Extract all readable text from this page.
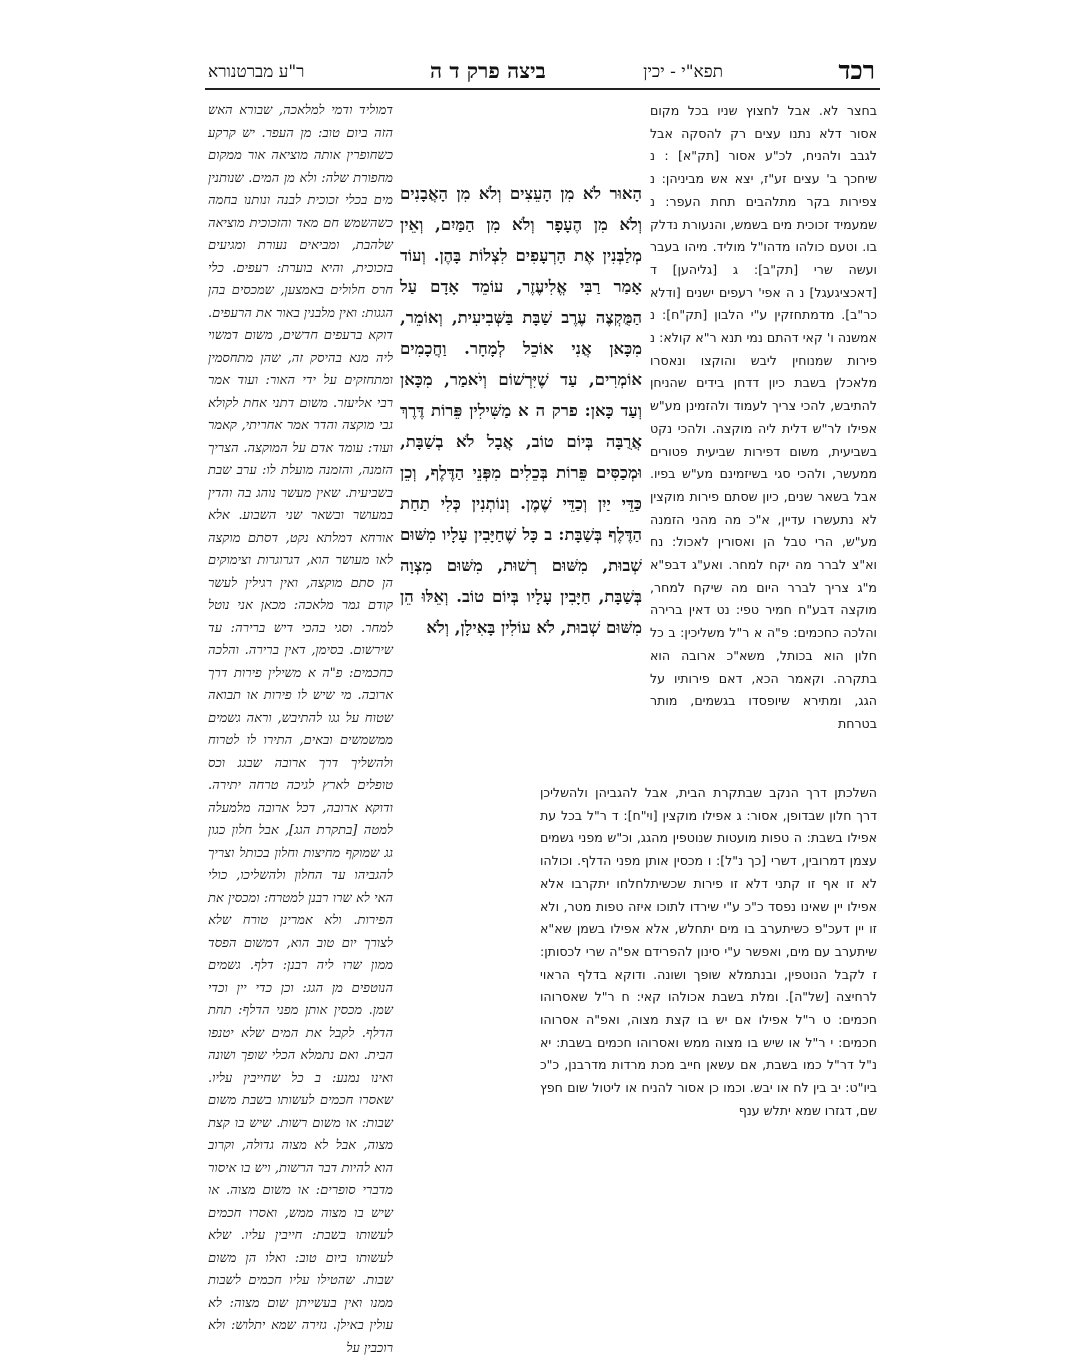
רכד
תפא"י - יכין
ביצה פרק ד ה
ר"ע מברטנורא

בחצר לא. אבל לחצוץ שניו בכל מקום אסור דלא נתנו עצים רק להסקה אבל לגבב ולהניח, לכ"ע אסור [תק"א] : נ שיחכך ב' עצים זע"ז, יצא אש מביניהן: נ צפירות בקר מתלהבים תחת העפר: נ שמעמיד זכוכית מים בשמש, והנעורת נדלק בו. וטעם כולהו מדהו"ל מוליד. מיהו בעבר ועשה שרי [תק"ב]: ג [גליהען] ד [דאכציגעגל] נ ה אפי' רעפים ישנים [ודלא כר"ב]. מדמתחזקין ע"י הלבון [תק"ח]: נ אמשנה ו' קאי דהתם נמי תנא ר"א קולא: נ פירות שמנוחין ליבש והוקצו ונאסרו מלאכלן בשבת כיון דדחן בידים שהניחן להתיבש, להכי צריך לעמוד ולהזמינן מע"ש אפילו לר"ש דלית ליה מוקצה. ולהכי נקט בשביעית, משום דפירות שביעית פטורים ממעשר, ולהכי סגי בשיזמינם מע"ש בפיו. אבל בשאר שנים, כיון שסתם פירות מוקצין לא נתעשרו עדיין, א"כ מה מהני הזמנה מע"ש, הרי טבל הן ואסורין לאכול: נח וא"צ לברר מה יקח למחר. ואע"ג דבפ"א מ"ג צריך לברר היום מה שיקח למחר, מוקצה דבע"ח חמיר טפי: נט דאין ברירה והלכה כחכמים: פ"ה א ר"ל משליכין: ב כל חלון הוא בכותל, משא"כ ארובה הוא בתקרה. וקאמר הכא, דאם פירותיו על הגג, ומתירא שיופסדו בגשמים, מותר בטרחת

הָאוּר לֹא מִן הָעֵצִים וְלֹא מִן הָאֲבָנִים וְלֹא מִן הֶעָפָר וְלֹא מִן הַמַּיִם, וְאֵין מְלַבְּנִין אֶת הָרְעָפִים לִצְלוֹת בָּהֶן. וְעוֹד אָמַר רַבִּי אֱלִיעֶזֶר, עוֹמֵד אָדָם עַל הַמֻּקְצֶה עֶרֶב שַׁבָּת בַּשְּׁבִיעִית, וְאוֹמֵר, מִכָּאן אֲנִי אוֹכֵל לְמָחָר. וַחֲכָמִים אוֹמְרִים, עַד שֶׁיִּרְשׁוֹם וְיֹאמַר, מִכָּאן וְעַד כָּאן: פרק ה א מַשִּׁילִין פֵּרוֹת דֶּרֶךְ אֲרֻבָּה בְּיוֹם טוֹב, אֲבָל לֹא בְשַׁבָּת, וּמְכַסִּים פֵּרוֹת בְּכֵלִים מִפְּנֵי הַדֶּלֶף, וְכֵן כַּדֵּי יַיִן וְכַדֵּי שֶׁמֶן. וְנוֹתְנִין כְּלִי תַחַת הַדֶּלֶף בְּשַׁבָּת: ב כָּל שֶׁחַיָּבִין עָלָיו מִשּׁוּם שְׁבוּת, מִשּׁוּם רְשׁוּת, מִשּׁוּם מִצְוָה בְּשַׁבָּת, חַיָּבִין עָלָיו בְּיוֹם טוֹב. וְאֵלּוּ הֵן מִשּׁוּם שְׁבוּת, לֹא עוֹלִין בָּאִילָן, וְלֹא

השלכתן דרך הנקב שבתקרת הבית, אבל להגביהן ולהשליכן דרך חלון שבדופן, אסור: ג אפילו מוקצין [וי"ח]: ד ר"ל בכל עת אפילו בשבת: ה טפות מועטות שנוטפין מהגג, וכ"ש מפני גשמים עצמן דמרובין, דשרי [כך נ"ל]: ו מכסין אותן מפני הדלף. וכולהו לא זו אף זו קתני דלא זו פירות שכשיתלחלחו יתקרבו אלא אפילו יין שאינו נפסד כ"כ ע"י שירדו לתוכו איזה טפות מטר, ולא זו יין דעכ"פ כשיתערב בו מים יתחלש, אלא אפילו בשמן שא"א שיתערב עם מים, ואפשר ע"י סינון להפרידם אפ"ה שרי לכסותן: ז לקבל הנוטפין, ובנתמלא שופך ושונה. ודוקא בדלף הראוי לרחיצה [של"ה]. ומלת בשבת אכולהו קאי: ח ר"ל שאסרוהו חכמים: ט ר"ל אפילו אם יש בו קצת מצוה, ואפ"ה אסרוהו חכמים: י ר"ל או שיש בו מצוה ממש ואסרוהו חכמים בשבת: יא נ"ל דר"ל כמו בשבת, אם עשאן חייב מכת מרדות מדרבנן, כ"כ ביו"ט: יב בין לח או יבש. וכמו כן אסור להניח או ליטול שום חפץ שם, דגזרו שמא יתלש ענף

דמוליד ודמי למלאכה, שבורא האש הזה ביום טוב: מן העפר. יש קרקע כשחופרין אותה מוציאה אור ממקום מחפורת שלה: ולא מן המים. שנותנין מים בכלי זכוכית לבנה ונותנו בחמה כשהשמש חם מאד והזכוכית מוציאה שלהבת, ומביאים נעורת ומגיעים בזכוכית, והיא בוערת: רעפים. כלי חרס חלולים באמצען, שמכסים בהן הגגות: ואין מלבנין באור את הרעפים. דוקא ברעפים חדשים, משום דמשוי ליה מנא בהיסק זה, שהן מתחסמין ומתחזקים על ידי האור: ועוד אמר רבי אליעזר. משום דתני אחת לקולא גבי מוקצה והדר אמר אחריתי, קאמר ועוד: עומד אדם על המוקצה. הצריך הזמנה, והזמנה מועלת לו: ערב שבת בשביעית. שאין מעשר נוהג בה והדין במעושר ובשאר שני השבוע. אלא אורחא דמלתא נקט, דסתם מוקצה לאו מעושר הוא, דגרוגרות וצימוקים הן סתם מוקצה, ואין רגילין לעשר קודם גמר מלאכה: מכאן אני נוטל למחר. וסגי בהכי דיש ברירה: עד שירשום. בסימן, דאין ברירה. והלכה כחכמים: פ"ה א משילין פירות דרך ארובה. מי שיש לו פירות או תבואה שטוח על גגו להתיבש, וראה גשמים ממשמשים ובאים, התירו לו לטרוח ולהשליך דרך ארובה שבגג וכס טופלים לארץ לגיכה טרחה יתירה. ודוקא ארובה, דכל ארובה מלמעלה למטה [בתקרת הגג], אבל חלון כגון גג שמוקף מחיצות וחלון בכותל וצריך להגביהו עד החלון ולהשליכו, כולי האי לא שרו רבנן למטרח: ומכסין את הפירות. ולא אמרינן טורח שלא לצורך יום טוב הוא, דמשום הפסד ממון שרו ליה רבנן: דלף. גשמים הנוטפים מן הגג: וכן כדי יין וכדי שמן. מכסין אותן מפני הדלף: תחת הדלף. לקבל את המים שלא יטנפו הבית. ואם נתמלא הכלי שופך ושונה ואינו נמנע: ב כל שחייבין עליו. שאסרו חכמים לעשותו בשבת משום שבות: או משום רשות. שיש בו קצת מצוה, אבל לא מצוה גדולה, וקרוב הוא להיות דבר הרשות, ויש בו איסור מדברי סופרים: או משום מצוה. או שיש בו מצוה ממש, ואסרו חכמים לעשותו בשבת: חייבין עליו. שלא לעשותו ביום טוב: ואלו הן משום שבות. שהטילו עליו חכמים לשבות ממנו ואין בעשייתן שום מצוה: לא עולין באילן. גזירה שמא יתלוש: ולא רוכבין על
